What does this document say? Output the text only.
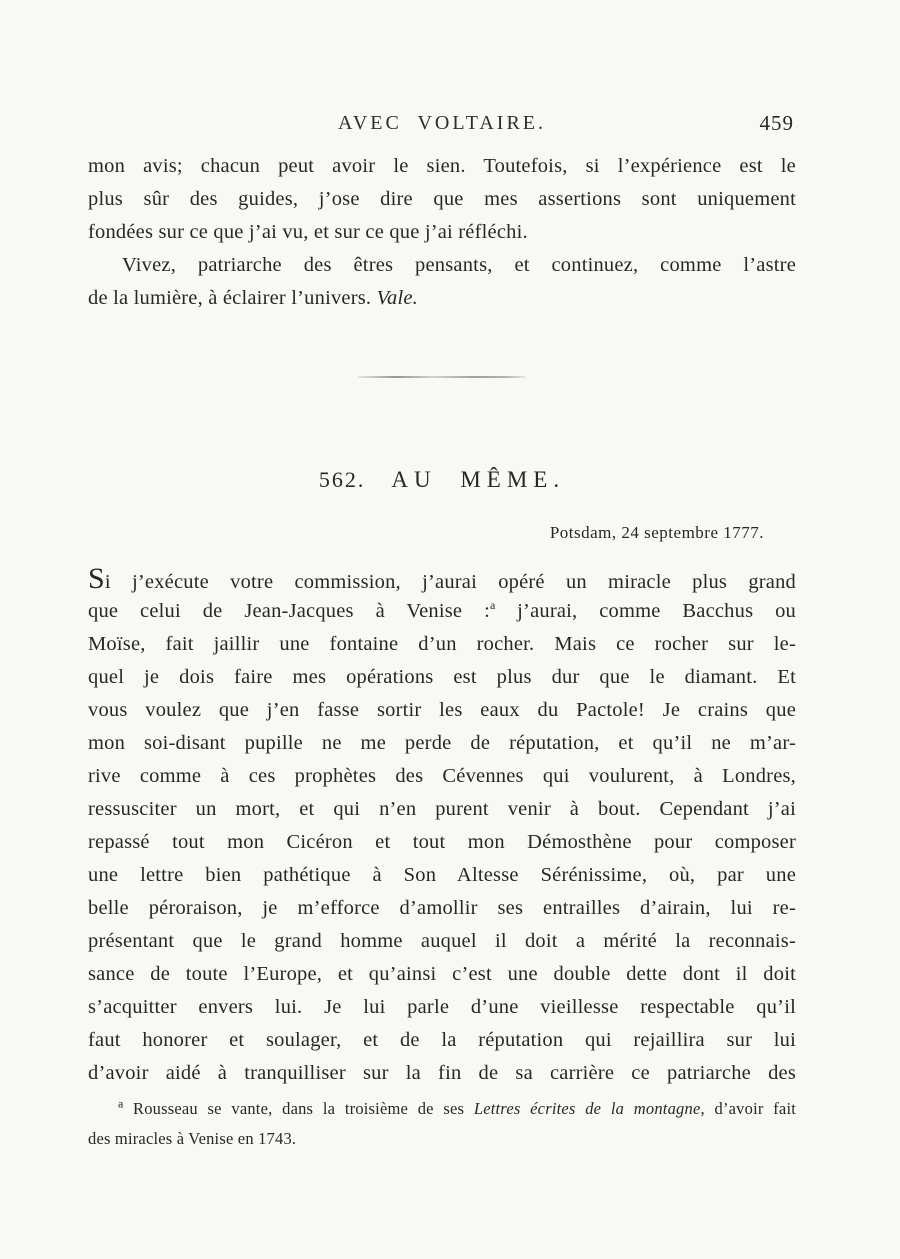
AVEC VOLTAIRE.	459
mon avis; chacun peut avoir le sien. Toutefois, si l’expérience est le
plus sûr des guides, j’ose dire que mes assertions sont uniquement
fondées sur ce que j’ai vu, et sur ce que j’ai réfléchi.
Vivez, patriarche des êtres pensants, et continuez, comme l’astre
de la lumière, à éclairer l’univers. Vale.
562. AU MÊME.
Potsdam, 24 septembre 1777.
Si j’exécute votre commission, j’aurai opéré un miracle plus grand
que celui de Jean-Jacques à Venise :$^a$ j’aurai, comme Bacchus ou
Moïse, fait jaillir une fontaine d’un rocher. Mais ce rocher sur le-
quel je dois faire mes opérations est plus dur que le diamant. Et
vous voulez que j’en fasse sortir les eaux du Pactole! Je crains que
mon soi-disant pupille ne me perde de réputation, et qu’il ne m’ar-
rive comme à ces prophètes des Cévennes qui voulurent, à Londres,
ressusciter un mort, et qui n’en purent venir à bout. Cependant j’ai
repassé tout mon Cicéron et tout mon Démosthène pour composer
une lettre bien pathétique à Son Altesse Sérénissime, où, par une
belle péroraison, je m’efforce d’amollir ses entrailles d’airain, lui re-
présentant que le grand homme auquel il doit a mérité la reconnais-
sance de toute l’Europe, et qu’ainsi c’est une double dette dont il doit
s’acquitter envers lui. Je lui parle d’une vieillesse respectable qu’il
faut honorer et soulager, et de la réputation qui rejaillira sur lui
d’avoir aidé à tranquilliser sur la fin de sa carrière ce patriarche des
$^a$ Rousseau se vante, dans la troisième de ses Lettres écrites de la montagne, d’avoir fait
des miracles à Venise en 1743.
